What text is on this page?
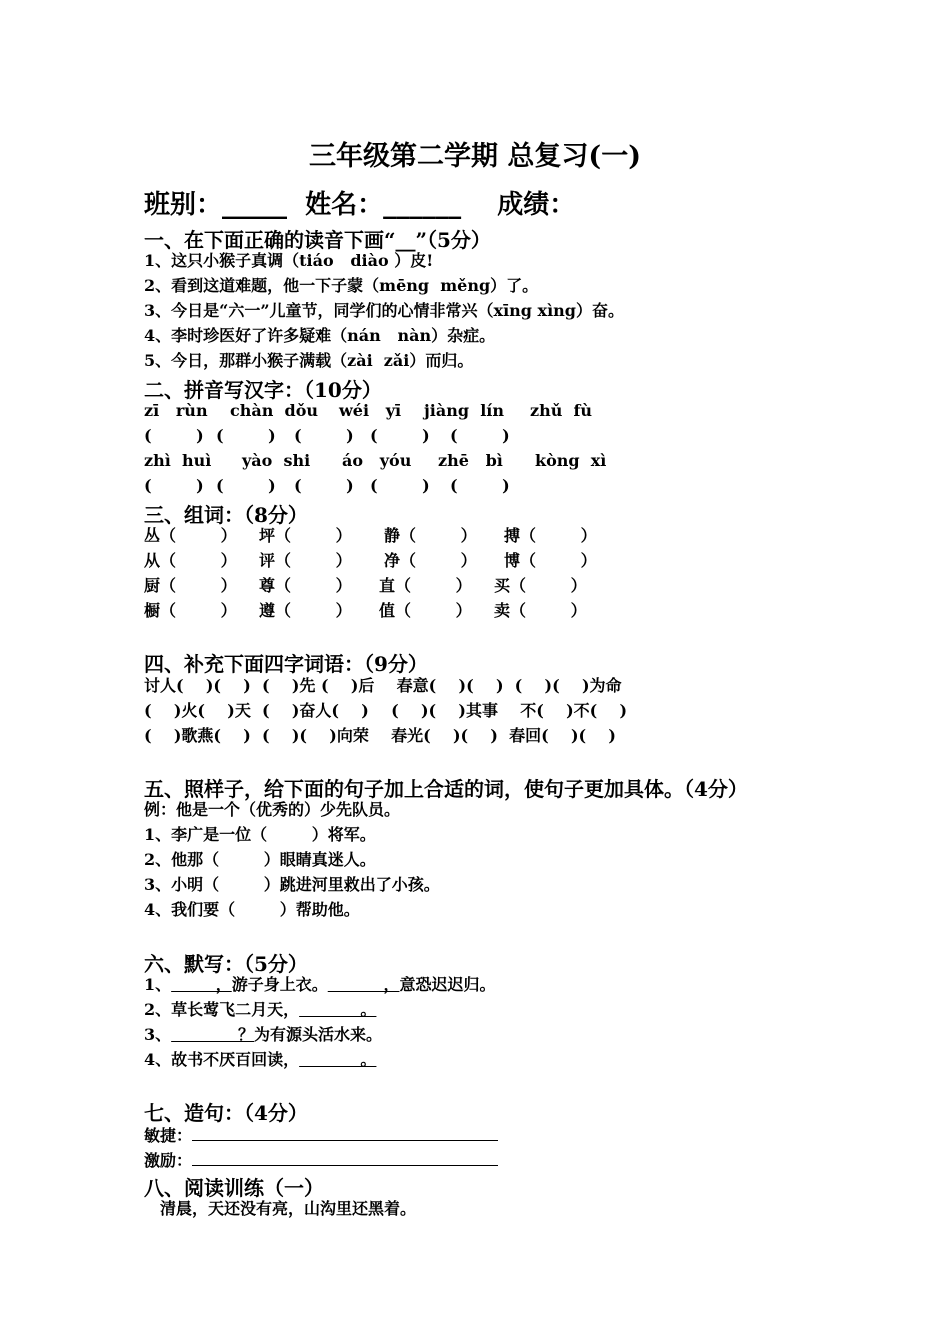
三年级第二学期 总复习(一)
班别：_____  姓名：______    成绩：
一、在下面正确的读音下画“__”（5分）
1、这只小猴子真调（tiáo   diào ）皮!
2、看到这道难题，他一下子蒙（mēng  měng）了。
3、今日是“六一”儿童节，同学们的心情非常兴（xīng xìng）奋。
4、李时珍医好了许多疑难（nán   nàn）杂症。
5、今日，那群小猴子满载（zài  zǎi）而归。
二、拼音写汉字：（10分）
zī   rùn chàn  dǒu wéi   yī jiàng  lín zhǔ  fù
(        ) (        ) (        ) (        ) (        )
zhì  huì yào  shi áo   yóu zhē   bì kòng  xì
(        ) (        ) (        ) (        ) (        )
三、组词：（8分）
丛（        ） 坪（        ） 静（        ） 搏（        ）
从（        ） 评（        ） 净（        ） 博（        ）
厨（        ） 尊（        ） 直（        ） 买（        ）
橱（        ） 遵（        ） 值（        ） 卖（        ）
四、补充下面四字词语：（9分）
讨人(    )(    )  (    )先 (    )后    春意(    )(    )  (    )(    )为命
(    )火(    )天  (    )奋人(    )    (    )(    )其事    不(    )不(    )
(    )歌燕(    )  (    )(    )向荣    春光(    )(    )  春回(    )(    )
五、照样子，给下面的句子加上合适的词，使句子更加具体。（4分）
例：他是一个（优秀的）少先队员。
1、李广是一位（        ）将军。
2、他那（        ）眼睛真迷人。
3、小明（        ）跳进河里救出了小孩。
4、我们要（        ）帮助他。
六、默写：（5分）
1、        ，游子身上衣。          ，意恐迟迟归。
2、草长莺飞二月天，           。
3、            ？为有源头活水来。
4、故书不厌百回读，           。
七、造句：（4分）
敏捷：
激励：
八、阅读训练（一）
清晨，天还没有亮，山沟里还黑着。
